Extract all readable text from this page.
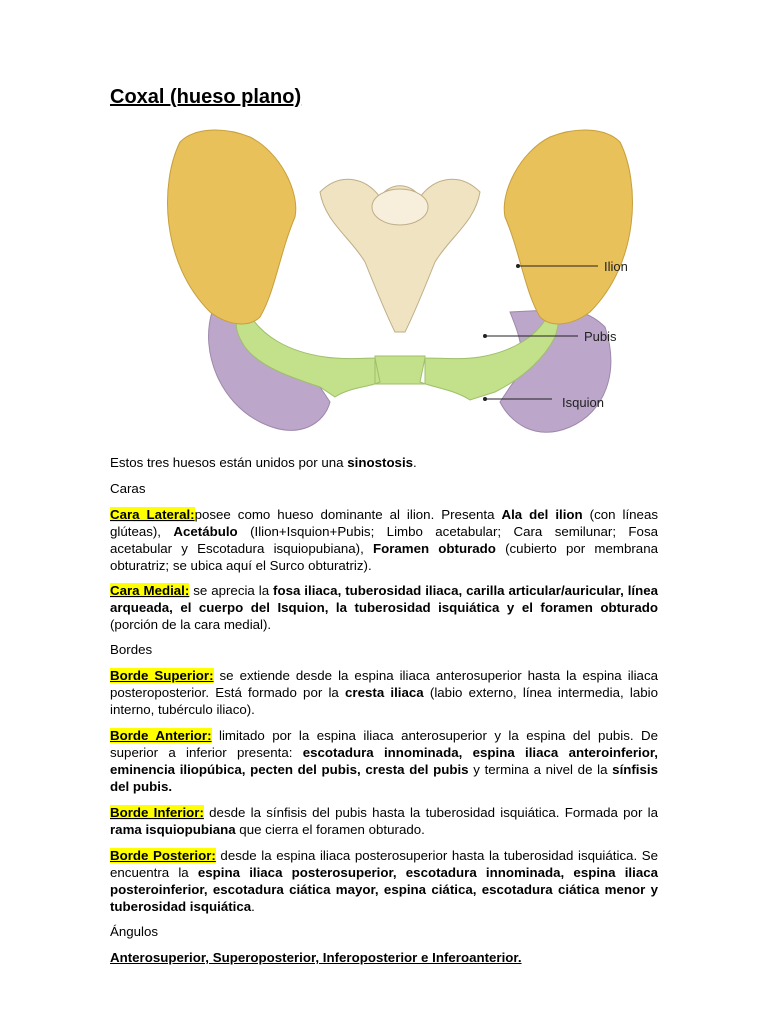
Coxal (hueso plano)
Ilion
Pubis
Isquion

Estos tres huesos están unidos por una sinostosis.

Caras

Cara Lateral:posee como hueso dominante al ilion. Presenta Ala del ilion (con líneas glúteas), Acetábulo (Ilion+Isquion+Pubis; Limbo acetabular; Cara semilunar; Fosa acetabular y Escotadura isquiopubiana), Foramen obturado (cubierto por membrana obturatriz; se ubica aquí el Surco obturatriz).

Cara Medial: se aprecia la fosa iliaca, tuberosidad iliaca, carilla articular/auricular, línea arqueada, el cuerpo del Isquion, la tuberosidad isquiática y el foramen obturado (porción de la cara medial).

Bordes

Borde Superior: se extiende desde la espina iliaca anterosuperior hasta la espina iliaca posteroposterior. Está formado por la cresta iliaca (labio externo, línea intermedia, labio interno, tubérculo iliaco).

Borde Anterior: limitado por la espina iliaca anterosuperior y la espina del pubis. De superior a inferior presenta: escotadura innominada, espina iliaca anteroinferior, eminencia iliopúbica, pecten del pubis, cresta del pubis y termina a nivel de la sínfisis del pubis.

Borde Inferior: desde la sínfisis del pubis hasta la tuberosidad isquiática. Formada por la rama isquiopubiana que cierra el foramen obturado.

Borde Posterior: desde la espina iliaca posterosuperior hasta la tuberosidad isquiática. Se encuentra la espina iliaca posterosuperior, escotadura innominada, espina iliaca posteroinferior, escotadura ciática mayor, espina ciática, escotadura ciática menor y tuberosidad isquiática.

Ángulos

Anterosuperior, Superoposterior, Inferoposterior e Inferoanterior.
